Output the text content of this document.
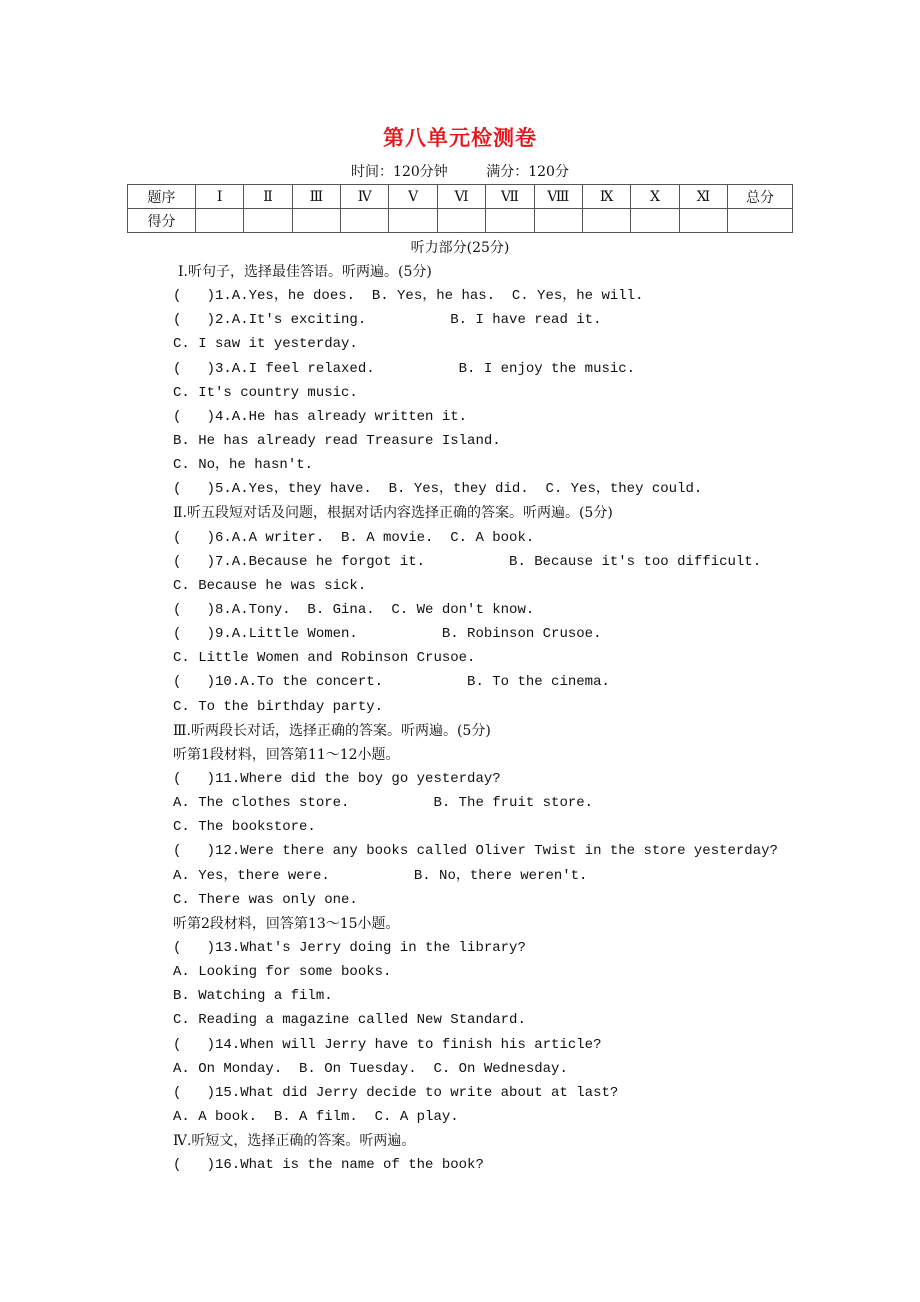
第八单元检测卷
时间：120分钟	满分：120分
题序	Ⅰ	Ⅱ	Ⅲ	Ⅳ	Ⅴ	Ⅵ	Ⅶ	Ⅷ	Ⅸ	Ⅹ	Ⅺ	总分
得分												
听力部分(25分)
Ⅰ.听句子，选择最佳答语。听两遍。(5分)
(   )1.A.Yes，he does.  B. Yes，he has.  C. Yes，he will.
(   )2.A.It's exciting.          B. I have read it.
C. I saw it yesterday.
(   )3.A.I feel relaxed.          B. I enjoy the music.
C. It's country music.
(   )4.A.He has already written it.
B. He has already read Treasure Island.
C. No，he hasn't.
(   )5.A.Yes，they have.  B. Yes，they did.  C. Yes，they could.
Ⅱ.听五段短对话及问题，根据对话内容选择正确的答案。听两遍。(5分)
(   )6.A.A writer.  B. A movie.  C. A book.
(   )7.A.Because he forgot it.          B. Because it's too difficult.
C. Because he was sick.
(   )8.A.Tony.  B. Gina.  C. We don't know.
(   )9.A.Little Women.          B. Robinson Crusoe.
C. Little Women and Robinson Crusoe.
(   )10.A.To the concert.          B. To the cinema.
C. To the birthday party.
Ⅲ.听两段长对话，选择正确的答案。听两遍。(5分)
听第1段材料，回答第11～12小题。
(   )11.Where did the boy go yesterday?
A. The clothes store.          B. The fruit store.
C. The bookstore.
(   )12.Were there any books called Oliver Twist in the store yesterday?
A. Yes，there were.          B. No，there weren't.
C. There was only one.
听第2段材料，回答第13～15小题。
(   )13.What's Jerry doing in the library?
A. Looking for some books.
B. Watching a film.
C. Reading a magazine called New Standard.
(   )14.When will Jerry have to finish his article?
A. On Monday.  B. On Tuesday.  C. On Wednesday.
(   )15.What did Jerry decide to write about at last?
A. A book.  B. A film.  C. A play.
Ⅳ.听短文，选择正确的答案。听两遍。
(   )16.What is the name of the book?
